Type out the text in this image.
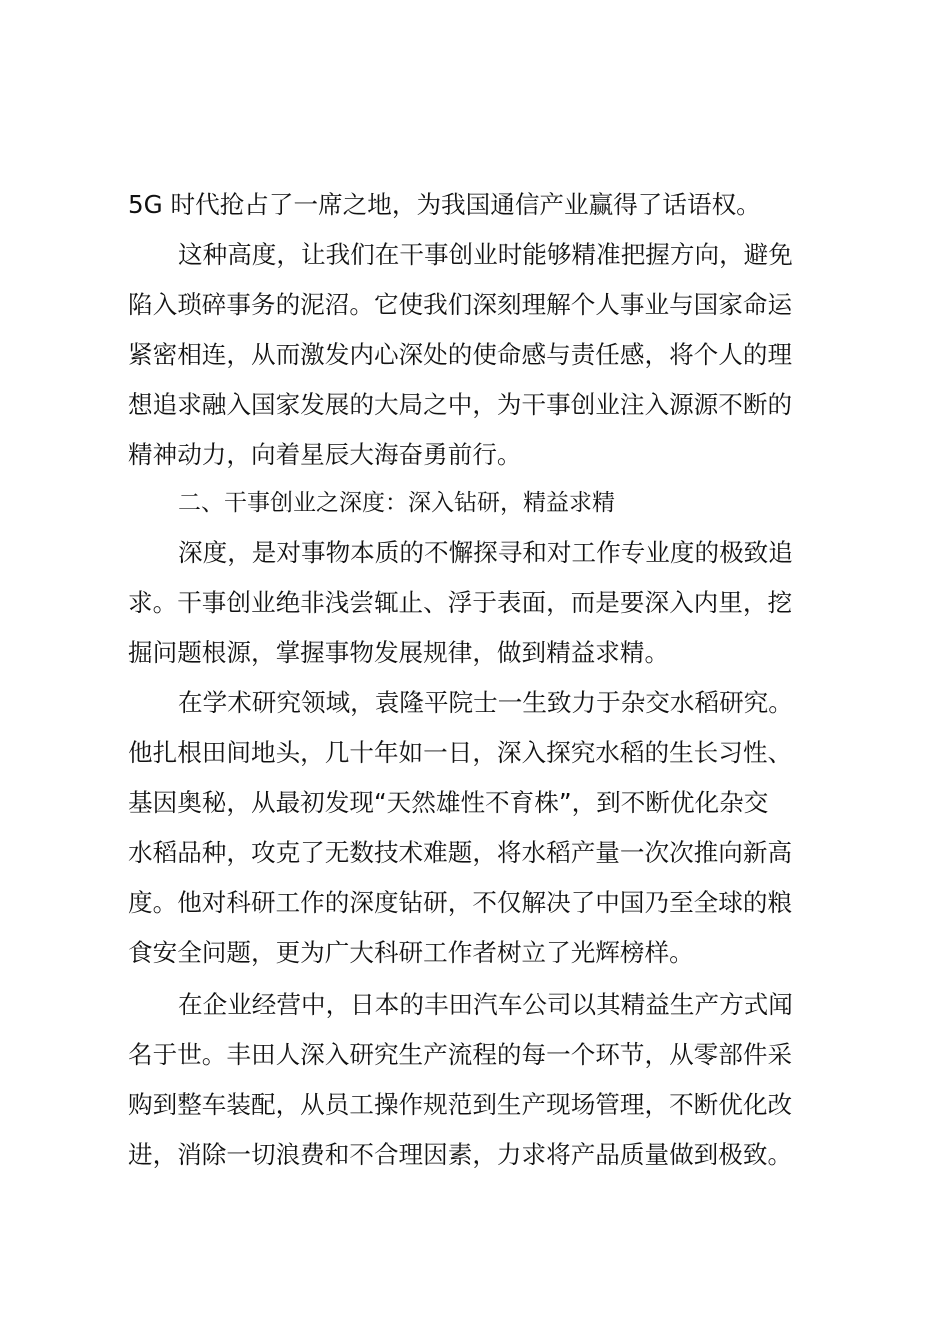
5G 时代抢占了一席之地，为我国通信产业赢得了话语权。
这种高度，让我们在干事创业时能够精准把握方向，避免
陷入琐碎事务的泥沼。它使我们深刻理解个人事业与国家命运
紧密相连，从而激发内心深处的使命感与责任感，将个人的理
想追求融入国家发展的大局之中，为干事创业注入源源不断的
精神动力，向着星辰大海奋勇前行。
二、干事创业之深度：深入钻研，精益求精
深度，是对事物本质的不懈探寻和对工作专业度的极致追
求。干事创业绝非浅尝辄止、浮于表面，而是要深入内里，挖
掘问题根源，掌握事物发展规律，做到精益求精。
在学术研究领域，袁隆平院士一生致力于杂交水稻研究。
他扎根田间地头，几十年如一日，深入探究水稻的生长习性、
基因奥秘，从最初发现“天然雄性不育株”，到不断优化杂交
水稻品种，攻克了无数技术难题，将水稻产量一次次推向新高
度。他对科研工作的深度钻研，不仅解决了中国乃至全球的粮
食安全问题，更为广大科研工作者树立了光辉榜样。
在企业经营中，日本的丰田汽车公司以其精益生产方式闻
名于世。丰田人深入研究生产流程的每一个环节，从零部件采
购到整车装配，从员工操作规范到生产现场管理，不断优化改
进，消除一切浪费和不合理因素，力求将产品质量做到极致。
